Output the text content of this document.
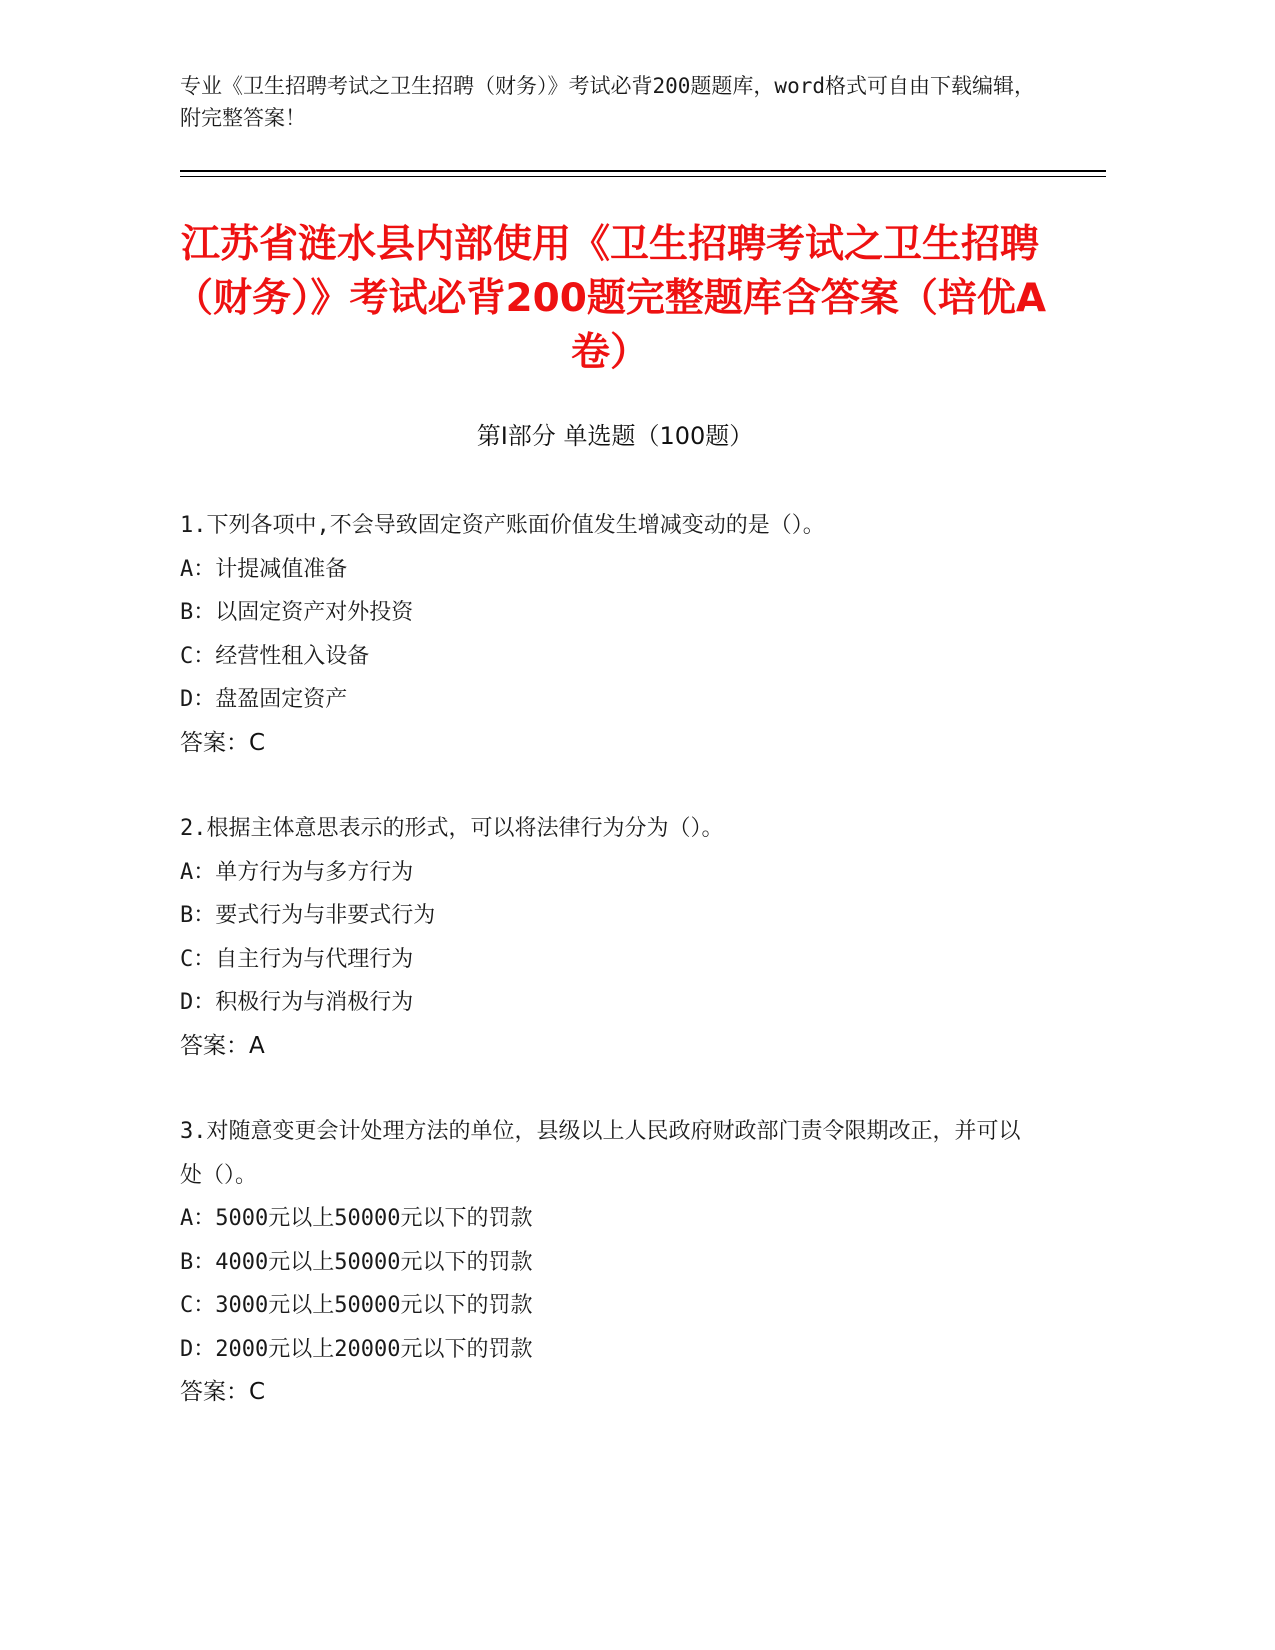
专业《卫生招聘考试之卫生招聘（财务）》考试必背200题题库，word格式可自由下载编辑，附完整答案！
江苏省涟水县内部使用《卫生招聘考试之卫生招聘（财务）》考试必背200题完整题库含答案（培优A卷）
第Ⅰ部分 单选题（100题）
1.下列各项中,不会导致固定资产账面价值发生增减变动的是（）。
A：计提减值准备
B：以固定资产对外投资
C：经营性租入设备
D：盘盈固定资产
答案：C
2.根据主体意思表示的形式，可以将法律行为分为（）。
A：单方行为与多方行为
B：要式行为与非要式行为
C：自主行为与代理行为
D：积极行为与消极行为
答案：A
3.对随意变更会计处理方法的单位，县级以上人民政府财政部门责令限期改正，并可以处（）。
A：5000元以上50000元以下的罚款
B：4000元以上50000元以下的罚款
C：3000元以上50000元以下的罚款
D：2000元以上20000元以下的罚款
答案：C
